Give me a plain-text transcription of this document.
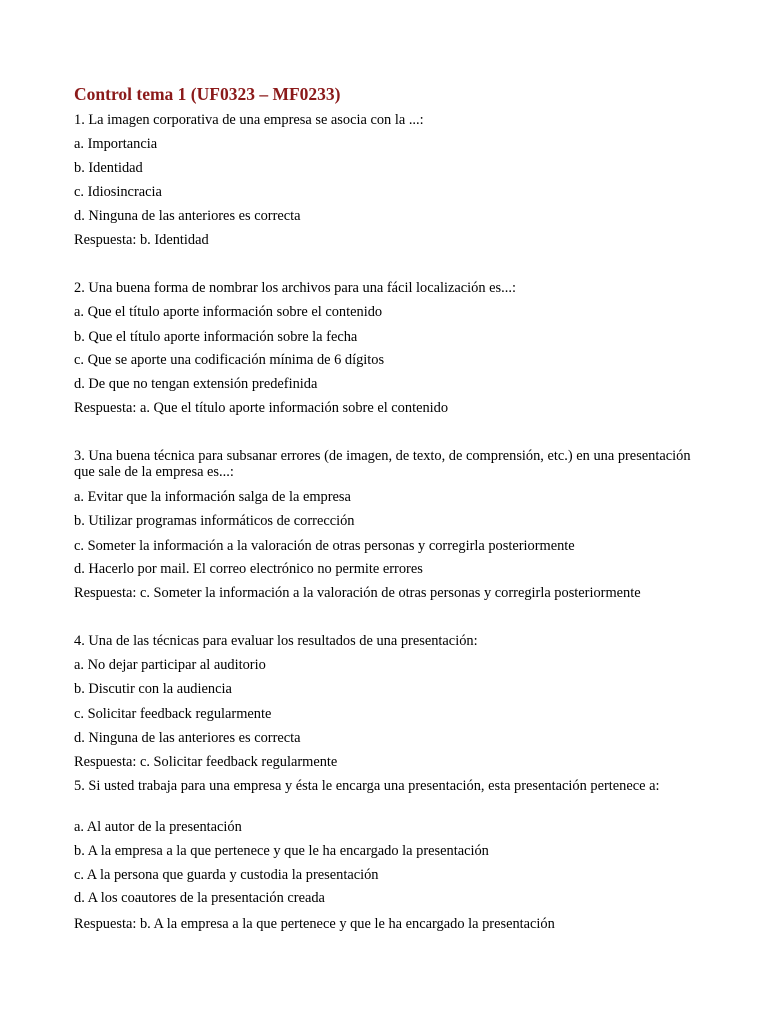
Control tema 1 (UF0323 – MF0233)
1. La imagen corporativa de una empresa se asocia con la ...:
a. Importancia
b. Identidad
c. Idiosincracia
d. Ninguna de las anteriores es correcta
Respuesta: b. Identidad
2. Una buena forma de nombrar los archivos para una fácil localización es...:
a. Que el título aporte información sobre el contenido
b. Que el título aporte información sobre la fecha
c. Que se aporte una codificación mínima de 6 dígitos
d. De que no tengan extensión predefinida
Respuesta: a. Que el título aporte información sobre el contenido
3. Una buena técnica para subsanar errores (de imagen, de texto, de comprensión, etc.) en una presentación que sale de la empresa es...:
a. Evitar que la información salga de la empresa
b. Utilizar programas informáticos de corrección
c. Someter la información a la valoración de otras personas y corregirla posteriormente
d. Hacerlo por mail. El correo electrónico no permite errores
Respuesta: c. Someter la información a la valoración de otras personas y corregirla posteriormente
4. Una de las técnicas para evaluar los resultados de una presentación:
a. No dejar participar al auditorio
b. Discutir con la audiencia
c. Solicitar feedback regularmente
d. Ninguna de las anteriores es correcta
Respuesta: c. Solicitar feedback regularmente
5. Si usted trabaja para una empresa y ésta le encarga una presentación, esta presentación pertenece a:
a. Al autor de la presentación
b. A la empresa a la que pertenece y que le ha encargado la presentación
c. A la persona que guarda y custodia la presentación
d. A los coautores de la presentación creada
Respuesta: b. A la empresa a la que pertenece y que le ha encargado la presentación
